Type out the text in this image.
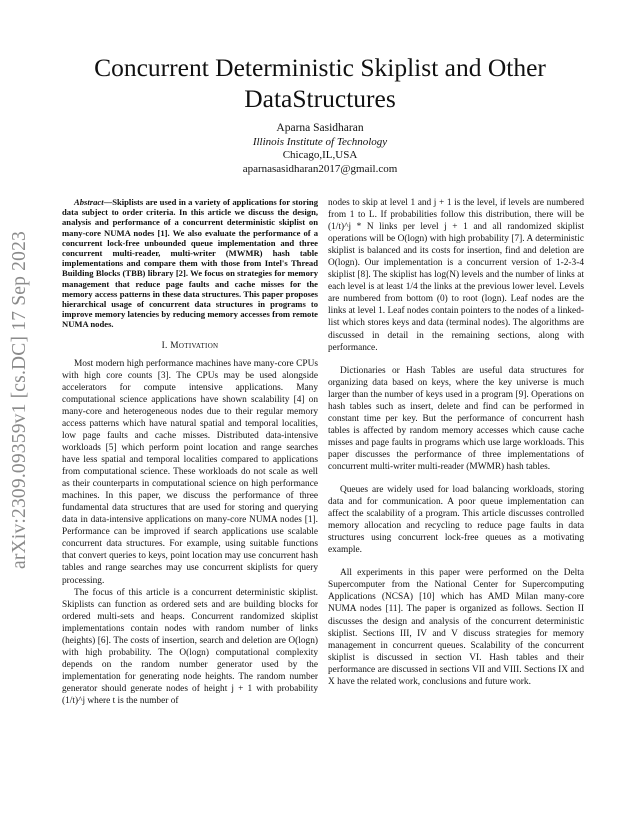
arXiv:2309.09359v1 [cs.DC] 17 Sep 2023
Concurrent Deterministic Skiplist and Other DataStructures
Aparna Sasidharan
Illinois Institute of Technology
Chicago,IL,USA
aparnasasidharan2017@gmail.com

Abstract—Skiplists are used in a variety of applications for storing data subject to order criteria. In this article we discuss the design, analysis and performance of a concurrent deterministic skiplist on many-core NUMA nodes [1]. We also evaluate the performance of a concurrent lock-free unbounded queue implementation and three concurrent multi-reader, multi-writer (MWMR) hash table implementations and compare them with those from Intel's Thread Building Blocks (TBB) library [2]. We focus on strategies for memory management that reduce page faults and cache misses for the memory access patterns in these data structures. This paper proposes hierarchical usage of concurrent data structures in programs to improve memory latencies by reducing memory accesses from remote NUMA nodes.

I. Motivation

Most modern high performance machines have many-core CPUs with high core counts [3]. The CPUs may be used alongside accelerators for compute intensive applications. Many computational science applications have shown scalability [4] on many-core and heterogeneous nodes due to their regular memory access patterns which have natural spatial and temporal localities, low page faults and cache misses. Distributed data-intensive workloads [5] which perform point location and range searches have less spatial and temporal localities compared to applications from computational science. These workloads do not scale as well as their counterparts in computational science on high performance machines. In this paper, we discuss the performance of three fundamental data structures that are used for storing and querying data in data-intensive applications on many-core NUMA nodes [1]. Performance can be improved if search applications use scalable concurrent data structures. For example, using suitable functions that convert queries to keys, point location may use concurrent hash tables and range searches may use concurrent skiplists for query processing.

The focus of this article is a concurrent deterministic skiplist. Skiplists can function as ordered sets and are building blocks for ordered multi-sets and heaps. Concurrent randomized skiplist implementations contain nodes with random number of links (heights) [6]. The costs of insertion, search and deletion are O(logn) with high probability. The O(logn) computational complexity depends on the random number generator used by the implementation for generating node heights. The random number generator should generate nodes of height j + 1 with probability (1/t)^j where t is the number of

nodes to skip at level 1 and j + 1 is the level, if levels are numbered from 1 to L. If probabilities follow this distribution, there will be (1/t)^j * N links per level j + 1 and all randomized skiplist operations will be O(logn) with high probability [7]. A deterministic skiplist is balanced and its costs for insertion, find and deletion are O(logn). Our implementation is a concurrent version of 1-2-3-4 skiplist [8]. The skiplist has log(N) levels and the number of links at each level is at least 1/4 the links at the previous lower level. Levels are numbered from bottom (0) to root (logn). Leaf nodes are the links at level 1. Leaf nodes contain pointers to the nodes of a linked-list which stores keys and data (terminal nodes). The algorithms are discussed in detail in the remaining sections, along with performance.

Dictionaries or Hash Tables are useful data structures for organizing data based on keys, where the key universe is much larger than the number of keys used in a program [9]. Operations on hash tables such as insert, delete and find can be performed in constant time per key. But the performance of concurrent hash tables is affected by random memory accesses which cause cache misses and page faults in programs which use large workloads. This paper discusses the performance of three implementations of concurrent multi-writer multi-reader (MWMR) hash tables.

Queues are widely used for load balancing workloads, storing data and for communication. A poor queue implementation can affect the scalability of a program. This article discusses controlled memory allocation and recycling to reduce page faults in data structures using concurrent lock-free queues as a motivating example.

All experiments in this paper were performed on the Delta Supercomputer from the National Center for Supercomputing Applications (NCSA) [10] which has AMD Milan many-core NUMA nodes [11]. The paper is organized as follows. Section II discusses the design and analysis of the concurrent deterministic skiplist. Sections III, IV and V discuss strategies for memory management in concurrent queues. Scalability of the concurrent skiplist is discussed in section VI. Hash tables and their performance are discussed in sections VII and VIII. Sections IX and X have the related work, conclusions and future work.
